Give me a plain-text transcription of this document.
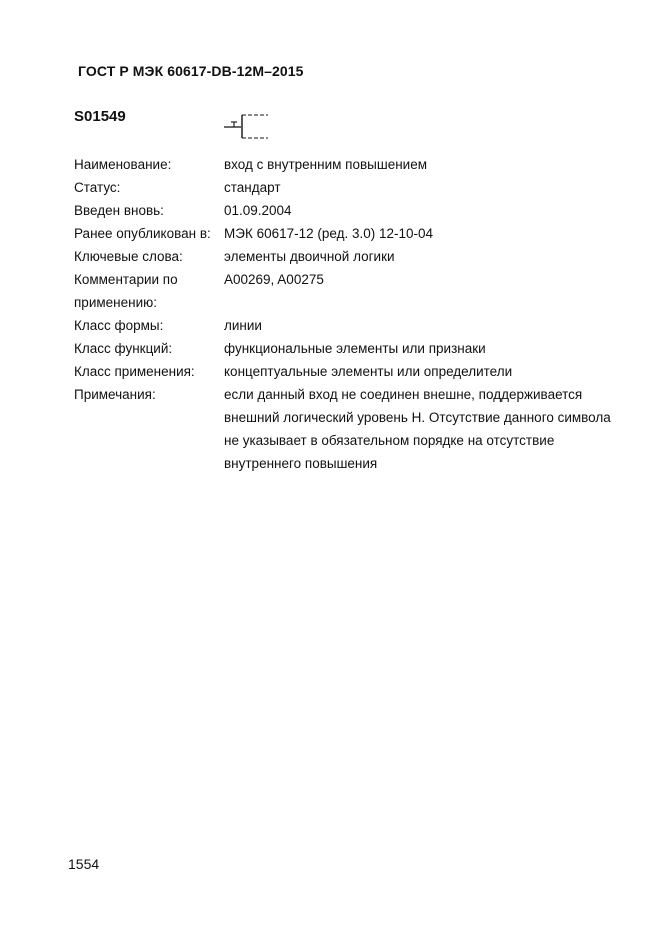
ГОСТ Р МЭК 60617-DB-12M–2015
S01549
Наименование:	вход с внутренним повышением
Статус:	стандарт
Введен вновь:	01.09.2004
Ранее опубликован в: МЭК 60617-12 (ред. 3.0) 12-10-04
Ключевые слова:	элементы двоичной логики
Комментарии по применению:
A00269, A00275
Класс формы:	линии
Класс функций:	функциональные элементы или признаки
Класс применения: концептуальные элементы или определители
Примечания:	если данный вход не соединен внешне, поддерживается внешний логический уровень H. Отсутствие данного символа не указывает в обязательном порядке на отсутствие внутреннего повышения
1554
